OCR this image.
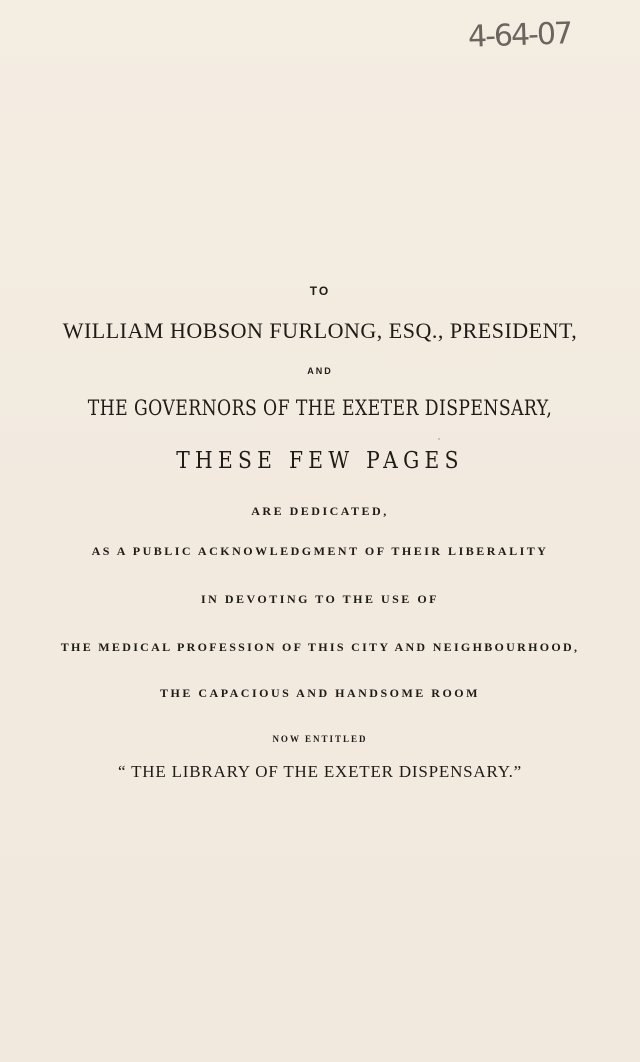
4-64-07
TO
WILLIAM HOBSON FURLONG, ESQ., PRESIDENT,
AND
THE GOVERNORS OF THE EXETER DISPENSARY,
THESE FEW PAGES
ARE DEDICATED,
AS A PUBLIC ACKNOWLEDGMENT OF THEIR LIBERALITY
IN DEVOTING TO THE USE OF
THE MEDICAL PROFESSION OF THIS CITY AND NEIGHBOURHOOD,
THE CAPACIOUS AND HANDSOME ROOM
NOW ENTITLED
“ THE LIBRARY OF THE EXETER DISPENSARY.”
